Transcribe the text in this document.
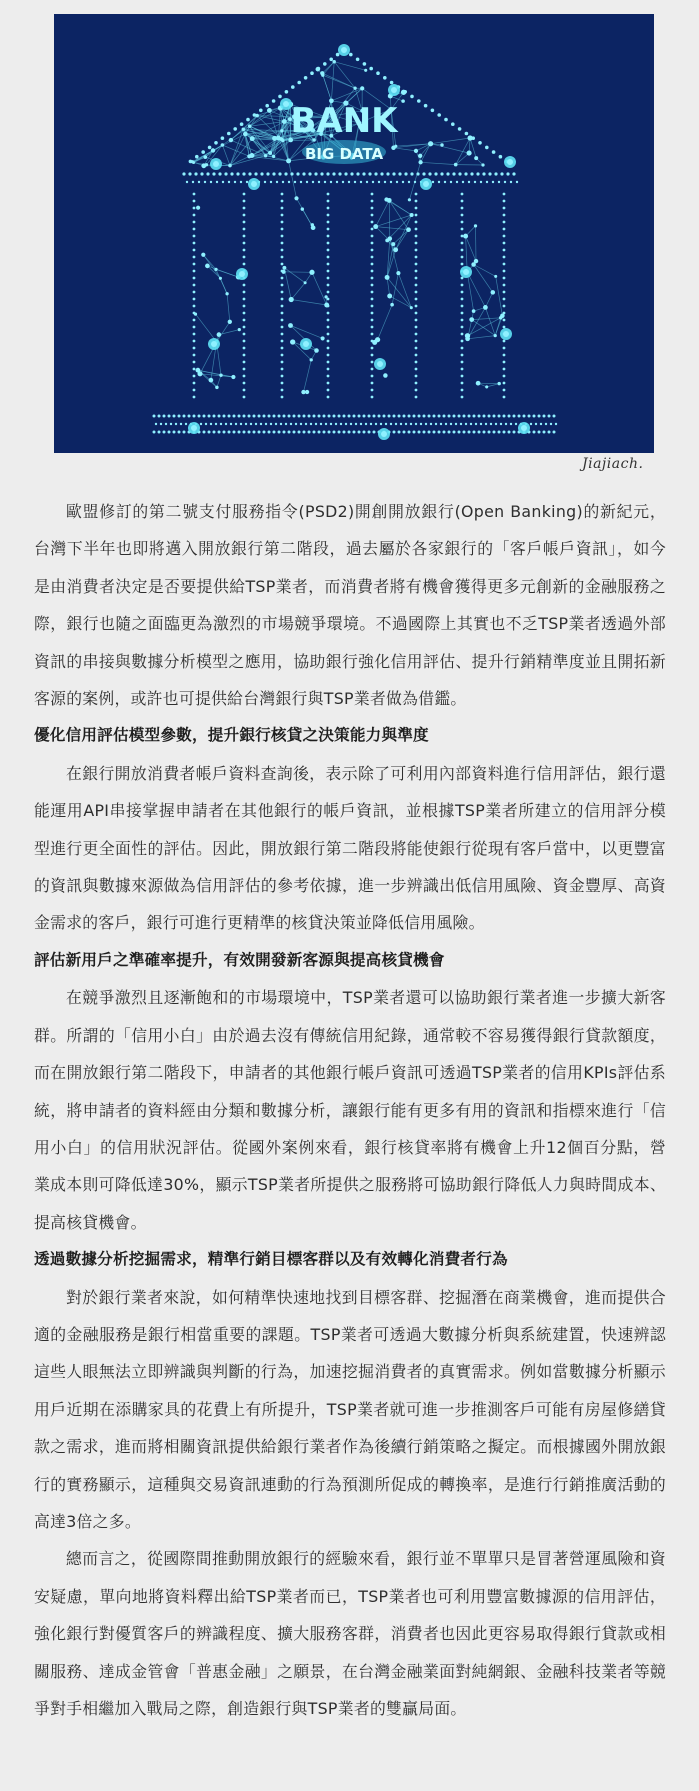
BANK
BIG DATA
Jiajiach.

歐盟修訂的第二號支付服務指令(PSD2)開創開放銀行(Open Banking)的新紀元，台灣下半年也即將邁入開放銀行第二階段，過去屬於各家銀行的「客戶帳戶資訊」，如今是由消費者決定是否要提供給TSP業者，而消費者將有機會獲得更多元創新的金融服務之際，銀行也隨之面臨更為激烈的市場競爭環境。不過國際上其實也不乏TSP業者透過外部資訊的串接與數據分析模型之應用，協助銀行強化信用評估、提升行銷精準度並且開拓新客源的案例，或許也可提供給台灣銀行與TSP業者做為借鑑。

優化信用評估模型參數，提升銀行核貸之決策能力與準度

在銀行開放消費者帳戶資料查詢後，表示除了可利用內部資料進行信用評估，銀行還能運用API串接掌握申請者在其他銀行的帳戶資訊，並根據TSP業者所建立的信用評分模型進行更全面性的評估。因此，開放銀行第二階段將能使銀行從現有客戶當中，以更豐富的資訊與數據來源做為信用評估的參考依據，進一步辨識出低信用風險、資金豐厚、高資金需求的客戶，銀行可進行更精準的核貸決策並降低信用風險。

評估新用戶之準確率提升，有效開發新客源與提高核貸機會

在競爭激烈且逐漸飽和的市場環境中，TSP業者還可以協助銀行業者進一步擴大新客群。所謂的「信用小白」由於過去沒有傳統信用紀錄，通常較不容易獲得銀行貸款額度，而在開放銀行第二階段下，申請者的其他銀行帳戶資訊可透過TSP業者的信用KPIs評估系統，將申請者的資料經由分類和數據分析，讓銀行能有更多有用的資訊和指標來進行「信用小白」的信用狀況評估。從國外案例來看，銀行核貸率將有機會上升12個百分點，營業成本則可降低達30%，顯示TSP業者所提供之服務將可協助銀行降低人力與時間成本、提高核貸機會。

透過數據分析挖掘需求，精準行銷目標客群以及有效轉化消費者行為

對於銀行業者來說，如何精準快速地找到目標客群、挖掘潛在商業機會，進而提供合適的金融服務是銀行相當重要的課題。TSP業者可透過大數據分析與系統建置，快速辨認這些人眼無法立即辨識與判斷的行為，加速挖掘消費者的真實需求。例如當數據分析顯示用戶近期在添購家具的花費上有所提升，TSP業者就可進一步推測客戶可能有房屋修繕貸款之需求，進而將相關資訊提供給銀行業者作為後續行銷策略之擬定。而根據國外開放銀行的實務顯示，這種與交易資訊連動的行為預測所促成的轉換率，是進行行銷推廣活動的高達3倍之多。

總而言之，從國際間推動開放銀行的經驗來看，銀行並不單單只是冒著營運風險和資安疑慮，單向地將資料釋出給TSP業者而已，TSP業者也可利用豐富數據源的信用評估，強化銀行對優質客戶的辨識程度、擴大服務客群，消費者也因此更容易取得銀行貸款或相關服務、達成金管會「普惠金融」之願景，在台灣金融業面對純網銀、金融科技業者等競爭對手相繼加入戰局之際，創造銀行與TSP業者的雙贏局面。
